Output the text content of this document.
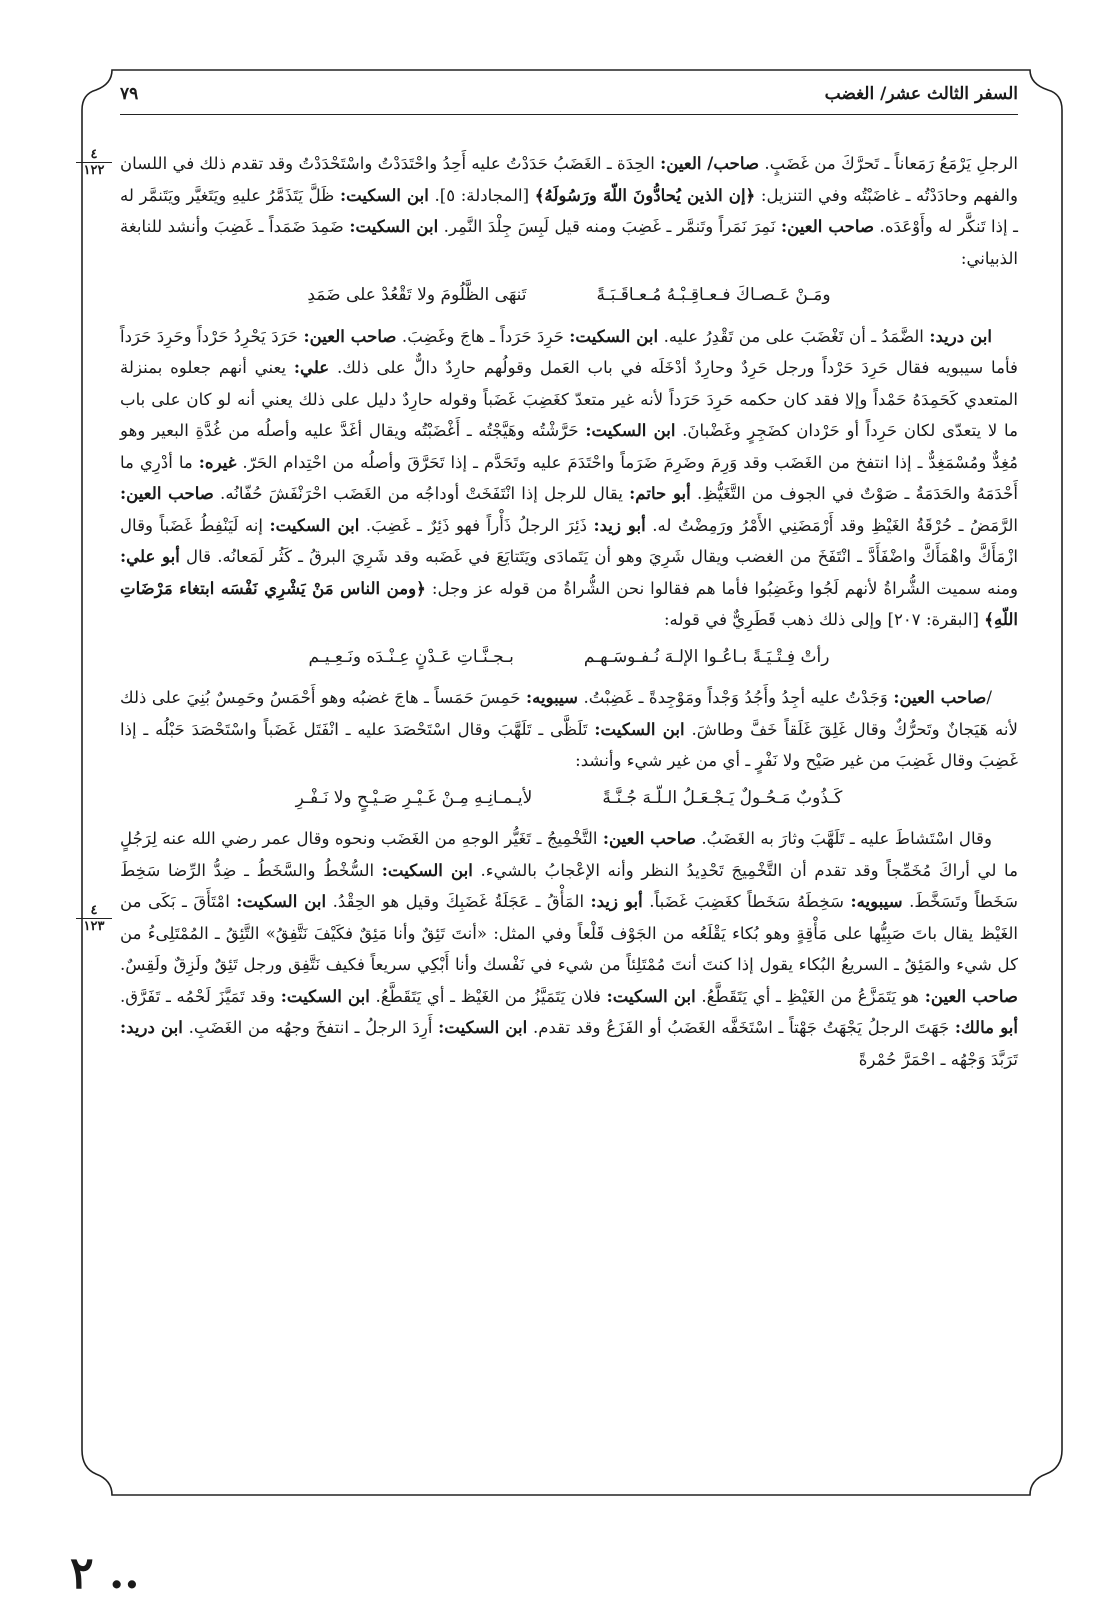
السفر الثالث عشر/ الغضب
٧٩

الرجلِ يَرْمَعُ رَمَعاناً ـ تَحرَّكَ من غَضَبٍ. صاحب/ العين: الحِدَة ـ الغَضَبُ حَدَدْتُ عليه أَحِدُ واحْتَدَدْتُ واسْتَحْدَدْتُ وقد تقدم ذلك في اللسان والفهم وحادَدْتُه ـ غاضَبْتُه وفي التنزيل: ﴿إن الذين يُحادُّونَ اللّهَ ورَسُولَهُ﴾ [المجادلة: ٥]. ابن السكيت: ظَلَّ يَتَذَمَّرُ عليهِ ويَتَغيَّر ويَتَنمَّر له ـ إذا تَنكَّر له وأَوْعَدَه. صاحب العين: نَمِرَ نَمَراً وتَنمَّر ـ غَضِبَ ومنه قيل لَبِسَ جِلْدَ النَّمِر. ابن السكيت: ضَمِدَ ضَمَداً ـ غَضِبَ وأنشد للنابغة الذبياني:

ومَـنْ عَـصـاكَ فـعـاقِـبْـهُ مُـعـاقَـبَـةً
تَنهَى الظَّلُومَ ولا تَقْعُدْ على ضَمَدِ

ابن دريد: الضَّمَدُ ـ أن تَغْضَبَ على من تَقْدِرُ عليه. ابن السكيت: حَرِدَ حَرَداً ـ هاجَ وغَضِبَ. صاحب العين: حَرَدَ يَحْرِدُ حَرْداً وحَرِدَ حَرَداً فأما سيبويه فقال حَرِدَ حَرْداً ورجل حَرِدٌ وحارِدٌ أدْخَلَه في باب العَمل وقولُهم حارِدٌ دالٌّ على ذلك. علي: يعني أنهم جعلوه بمنزلة المتعدي كَحَمِدَهُ حَمْداً وإلا فقد كان حكمه حَرِدَ حَرَداً لأنه غير متعدّ كغَضِبَ غَضَباً وقوله حارِدٌ دليل على ذلك يعني أنه لو كان على باب ما لا يتعدّى لكان حَرِداً أو حَرْدان كضَجِرٍ وغَضْبانَ. ابن السكيت: حَرَّشْتُه وهَيَّجْتُه ـ أَغْضَبْتُه ويقال أغَدَّ عليه وأصلُه من غُدَّةِ البعير وهو مُغِدٌّ ومُسْمَغِدٌّ ـ إذا انتفخ من الغَضَب وقد وَرِمَ وضَرِمَ ضَرَماً واحْتَدَمَ عليه وتَحَدَّم ـ إذا تَحَرَّقَ وأصلُه من احْتِدام الحَرّ. غيره: ما أدْرِي ما أَحْدَمَهُ والحَدَمَةُ ـ صَوْتٌ في الجوف من التَّغَيُّظِ. أبو حاتم: يقال للرجل إذا انْتَفَخَتْ أوداجُه من الغَضَب احْرَنْفَشَ حُفّانُه. صاحب العين: الرَّمَضُ ـ حُرْقَةُ الغَيْظِ وقد أَرْمَضَنِي الأَمْرُ ورَمِضْتُ له. أبو زيد: ذَئِرَ الرجلُ ذَأْراً فهو ذَئِرٌ ـ غَضِبَ. ابن السكيت: إنه لَيَنْفِطُ غَضَباً وقال ازْمَأَكَّ واهْمَأَكَّ واضْفَأَدَّ ـ انْتَفَخَ من الغضب ويقال شَرِيَ وهو أن يَتَمادَى ويَتَتايَعَ في غَضَبه وقد شَرِيَ البرقُ ـ كَثُر لَمَعانُه. قال أبو علي: ومنه سميت الشُّراةُ لأنهم لَجُوا وغَضِبُوا فأما هم فقالوا نحن الشُّراةُ من قوله عز وجل: ﴿ومن الناس مَنْ يَشْرِي نَفْسَه ابتغاء مَرْضَاتِ اللّهِ﴾ [البقرة: ٢٠٧] وإلى ذلك ذهب قَطَرِيٌّ في قوله:

رأتْ فِـتْـيَـةً بـاعُـوا الإلـهَ نُـفـوسَـهـم
بـجـنَّـاتِ عَـدْنٍ عِـنْـدَه ونَـعِـيـم

/صاحب العين: وَجَدْتُ عليه أجِدُ وأَجُدُ وَجْداً ومَوْجِدةً ـ غَضِبْتُ. سيبويه: حَمِسَ حَمَساً ـ هاجَ غضبُه وهو أَحْمَسُ وحَمِسٌ بُنِيَ على ذلك لأنه هَيَجانٌ وتَحرُّكٌ وقال غَلِقَ غَلَقاً خَفَّ وطاشَ. ابن السكيت: تَلَظَّى ـ تَلَهَّبَ وقال اسْتَحْصَدَ عليه ـ انْفَتَل غَضَباً واسْتَحْصَدَ حَبْلُه ـ إذا غَضِبَ وقال غَضِبَ من غير صَيْح ولا نَفْرٍ ـ أي من غير شيء وأنشد:

كَـذُوبٌ مَـحُـولٌ يَـجْـعَـلُ الـلّـهَ جُـنَّـةً
لأيـمـانِـهِ مِـنْ غَـيْـرِ صَـيْـحٍ ولا نَـفْـرِ

وقال اسْتَشاطَ عليه ـ تَلَهَّبَ وثارَ به الغَضَبُ. صاحب العين: التَّخْمِيجُ ـ تَغَيُّر الوجهِ من الغَضَب ونحوه وقال عمر رضي الله عنه لِرَجُلٍ ما لي أراكَ مُخَمِّجاً وقد تقدم أن التَّخْمِيجَ تَحْدِيدُ النظر وأنه الإعْجابُ بالشيء. ابن السكيت: السُّخْطُ والسَّخَطُ ـ ضِدُّ الرِّضا سَخِطَ سَخَطاً وتَسَخَّطَ. سيبويه: سَخِطَهُ سَخَطاً كغَضِبَ غَضَباً. أبو زيد: المَأْقُ ـ عَجَلَةُ غَضَبِكَ وقيل هو الحِقْدُ. ابن السكيت: امْتَأَقَ ـ بَكَى من الغَيْظ يقال باتَ صَبِيُّها على مَأْقِةٍ وهو بُكاء يَقْلَعُه من الجَوْف قَلْعاً وفي المثل: «أنتَ تَئِقٌ وأنا مَئِقٌ فكَيْفَ نَتَّفِقُ» التَّئِقُ ـ المُمْتَلِىءُ من كل شيء والمَئِقُ ـ السريعُ البُكاء يقول إذا كنتَ أنتَ مُمْتَلِئاً من شيء في نَفْسك وأنا أَبْكِي سريعاً فكيف نَتَّفِق ورجل تَئِقٌ ولَزِقٌ ولَقِسٌ. صاحب العين: هو يَتَمَزَّعُ من الغَيْظِ ـ أي يَتَقَطَّعُ. ابن السكيت: فلان يَتَمَيَّزُ من الغَيْظ ـ أي يَتَقَطَّعُ. ابن السكيت: وقد تَمَيَّزَ لَحْمُه ـ تَفَرَّق. أبو مالك: جَهَتَ الرجلُ يَجْهَتُ جَهْتاً ـ اسْتَخَفَّه الغَضَبُ أو الفَزَعُ وقد تقدم. ابن السكيت: أَرِدَ الرجلُ ـ انتفخَ وجهُه من الغَضَبِ. ابن دريد: تَرَبَّدَ وَجْهُه ـ احْمَرَّ حُمْرةً

٤
١٢٢
٤
١٢٣
٢ ..
